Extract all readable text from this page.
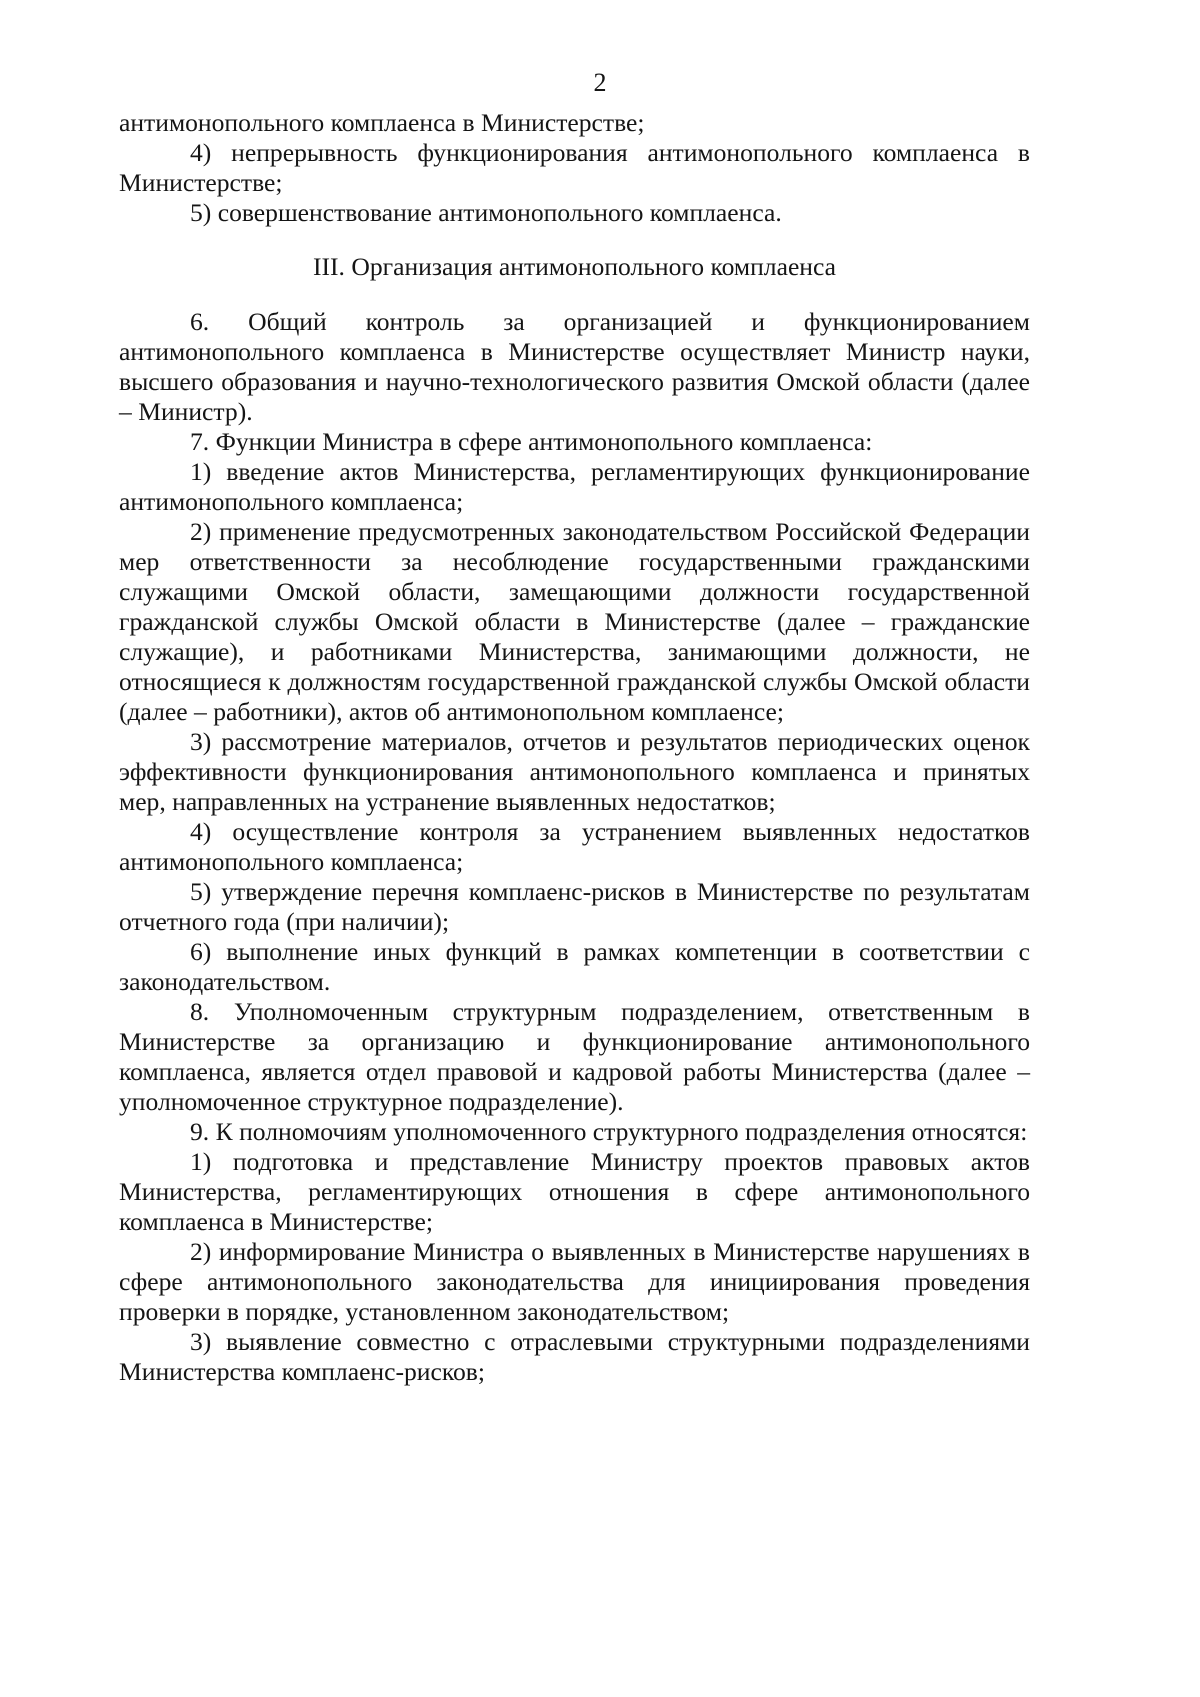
2

антимонопольного комплаенса в Министерстве;

4) непрерывность функционирования антимонопольного комплаенса в Министерстве;

5) совершенствование антимонопольного комплаенса.

III. Организация антимонопольного комплаенса

6. Общий контроль за организацией и функционированием антимонопольного комплаенса в Министерстве осуществляет Министр науки, высшего образования и научно-технологического развития Омской области (далее – Министр).

7. Функции Министра в сфере антимонопольного комплаенса:

1) введение актов Министерства, регламентирующих функционирование антимонопольного комплаенса;

2) применение предусмотренных законодательством Российской Федерации мер ответственности за несоблюдение государственными гражданскими служащими Омской области, замещающими должности государственной гражданской службы Омской области в Министерстве (далее – гражданские служащие), и работниками Министерства, занимающими должности, не относящиеся к должностям государственной гражданской службы Омской области (далее – работники), актов об антимонопольном комплаенсе;

3) рассмотрение материалов, отчетов и результатов периодических оценок эффективности функционирования антимонопольного комплаенса и принятых мер, направленных на устранение выявленных недостатков;

4) осуществление контроля за устранением выявленных недостатков антимонопольного комплаенса;

5) утверждение перечня комплаенс-рисков в Министерстве по результатам отчетного года (при наличии);

6) выполнение иных функций в рамках компетенции в соответствии с законодательством.

8. Уполномоченным структурным подразделением, ответственным в Министерстве за организацию и функционирование антимонопольного комплаенса, является отдел правовой и кадровой работы Министерства (далее – уполномоченное структурное подразделение).

9. К полномочиям уполномоченного структурного подразделения относятся:

1) подготовка и представление Министру проектов правовых актов Министерства, регламентирующих отношения в сфере антимонопольного комплаенса в Министерстве;

2) информирование Министра о выявленных в Министерстве нарушениях в сфере антимонопольного законодательства для инициирования проведения проверки в порядке, установленном законодательством;

3) выявление совместно с отраслевыми структурными подразделениями Министерства комплаенс-рисков;
